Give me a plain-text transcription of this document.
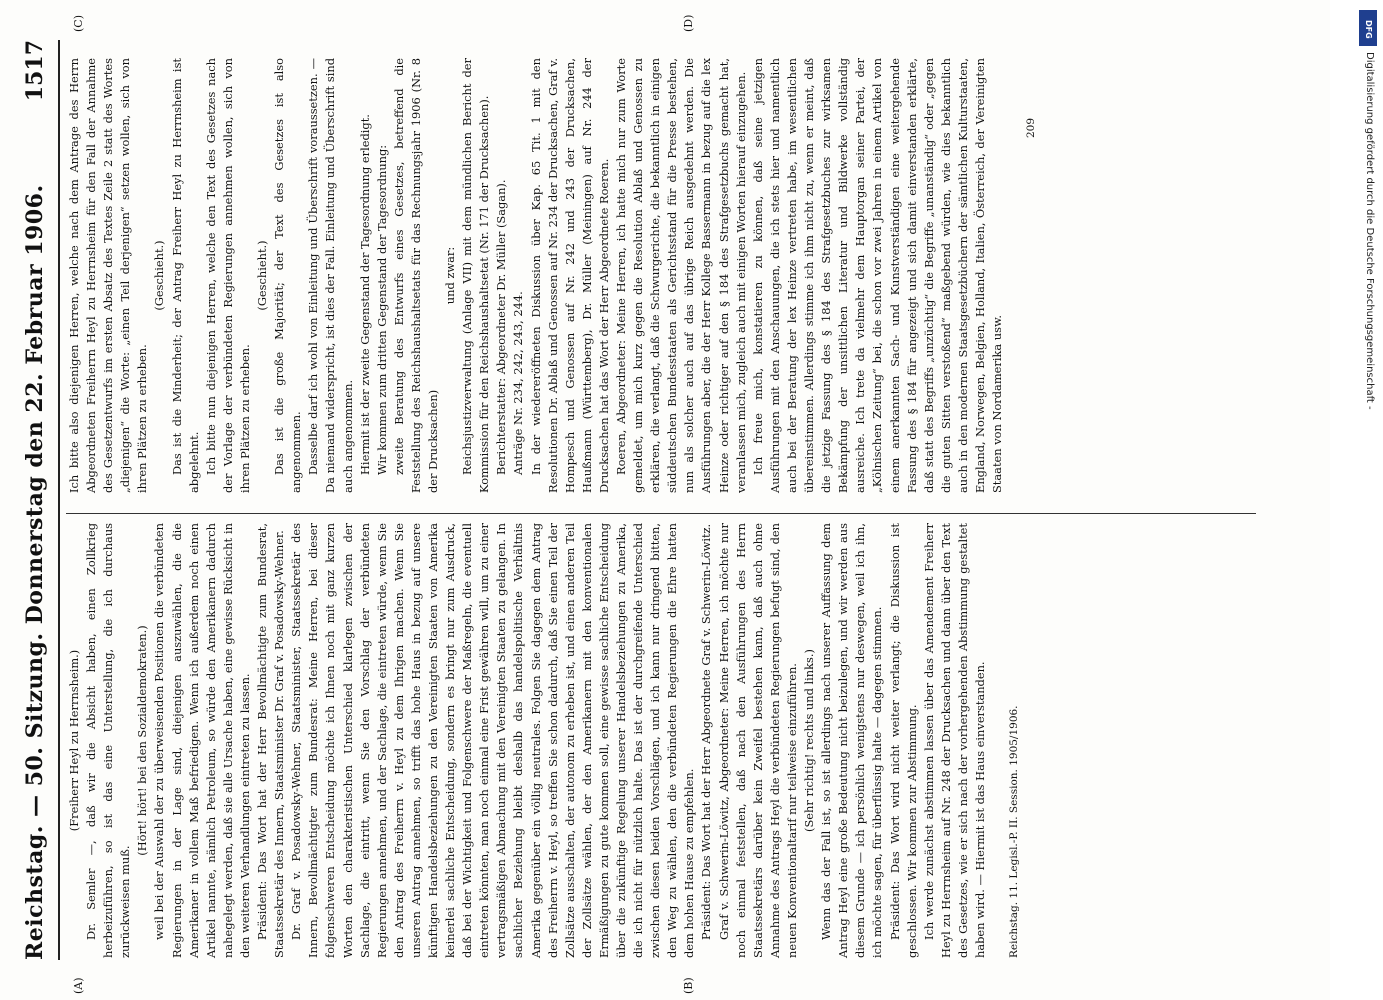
Reichstag. — 50. Sitzung. Donnerstag den 22. Februar 1906.
1517
(A)	(B)
(C)	(D)

(Freiherr Heyl zu Herrnsheim.) Dr. Semler —, daß wir die Absicht haben, einen Zollkrieg herbeizuführen, so ist das eine Unterstellung, die ich durchaus zurückweisen muß.

(Hört! hört! bei den Sozialdemokraten.) weil bei der Auswahl der zu überweisenden Positionen die verbündeten Regierungen in der Lage sind, diejenigen auszuwählen, die die Amerikaner in vollem Maß befriedigen. Wenn ich außerdem noch einen Artikel nannte, nämlich Petroleum, so würde den Amerikanern dadurch nahegelegt werden, daß sie alle Ursache haben, eine gewisse Rücksicht in den weiteren Verhandlungen eintreten zu lassen. Präsident: Das Wort hat der Herr Bevollmächtigte zum Bundesrat, Staatssekretär des Innern, Staatsminister Dr. Graf v. Posadowsky-Wehner. Dr. Graf v. Posadowsky-Wehner, Staatsminister, Staatssekretär des Innern, Bevollmächtigter zum Bundesrat: Meine Herren, bei dieser folgenschweren Entscheidung möchte ich Ihnen noch mit ganz kurzen Worten den charakteristischen Unterschied klarlegen zwischen der Sachlage, die eintritt, wenn Sie den Vorschlag der verbündeten Regierungen annehmen, und der Sachlage, die eintreten würde, wenn Sie den Antrag des Freiherrn v. Heyl zu dem Ihrigen machen. Wenn Sie unseren Antrag annehmen, so trifft das hohe Haus in bezug auf unsere künftigen Handelsbeziehungen zu den Vereinigten Staaten von Amerika keinerlei sachliche Entscheidung, sondern es bringt nur zum Ausdruck, daß bei der Wichtigkeit und Folgenschwere der Maßregeln, die eventuell eintreten könnten, man noch einmal eine Frist gewähren will, um zu einer vertragsmäßigen Abmachung mit den Vereinigten Staaten zu gelangen. In sachlicher Beziehung bleibt deshalb das handelspolitische Verhältnis Amerika gegenüber ein völlig neutrales. Folgen Sie dagegen dem Antrag des Freiherrn v. Heyl, so treffen Sie schon dadurch, daß Sie einen Teil der Zollsätze ausschalten, der autonom zu erheben ist, und einen anderen Teil der Zollsätze wählen, der den Amerikanern mit den konventionalen Ermäßigungen zu gute kommen soll, eine gewisse sachliche Entscheidung über die zukünftige Regelung unserer Handelsbeziehungen zu Amerika, die ich nicht für nützlich halte. Das ist der durchgreifende Unterschied zwischen diesen beiden Vorschlägen, und ich kann nur dringend bitten, den Weg zu wählen, den die verbündeten Regierungen die Ehre hatten dem hohen Hause zu empfehlen. Präsident: Das Wort hat der Herr Abgeordnete Graf v. Schwerin-Löwitz. Graf v. Schwerin-Löwitz, Abgeordneter: Meine Herren, ich möchte nur noch einmal feststellen, daß nach den Ausführungen des Herrn Staatssekretärs darüber kein Zweifel bestehen kann, daß auch ohne Annahme des Antrags Heyl die verbündeten Regierungen befugt sind, den neuen Konventionaltarif nur teilweise einzuführen. (Sehr richtig! rechts und links.) Wenn das der Fall ist, so ist allerdings nach unserer Auffassung dem Antrag Heyl eine große Bedeutung nicht beizulegen, und wir werden aus diesem Grunde — ich persönlich wenigstens nur deswegen, weil ich ihn, ich möchte sagen, für überflüssig halte — dagegen stimmen. Präsident: Das Wort wird nicht weiter verlangt; die Diskussion ist geschlossen. Wir kommen zur Abstimmung. Ich werde zunächst abstimmen lassen über das Amendement Freiherr Heyl zu Herrnsheim auf Nr. 248 der Drucksachen und dann über den Text des Gesetzes, wie er sich nach der vorhergehenden Abstimmung gestaltet haben wird. — Hiermit ist das Haus einverstanden. Reichstag. 11. Legisl.-P. II. Session. 1905/1906.

Ich bitte also diejenigen Herren, welche nach dem Antrage des Herrn Abgeordneten Freiherrn Heyl zu Herrnsheim für den Fall der Annahme des Gesetzentwurfs im ersten Absatz des Textes Zeile 2 statt des Wortes „diejenigen“ die Worte: „einen Teil derjenigen“ setzen wollen, sich von ihren Plätzen zu erheben.

(Geschieht.) Das ist die Minderheit; der Antrag Freiherr Heyl zu Herrnsheim ist abgelehnt. Ich bitte nun diejenigen Herren, welche den Text des Gesetzes nach der Vorlage der verbündeten Regierungen annehmen wollen, sich von ihren Plätzen zu erheben.

(Geschieht.) Das ist die große Majorität; der Text des Gesetzes ist also angenommen. Dasselbe darf ich wohl von Einleitung und Überschrift voraussetzen. — Da niemand widerspricht, ist dies der Fall. Einleitung und Überschrift sind auch angenommen. Hiermit ist der zweite Gegenstand der Tagesordnung erledigt. Wir kommen zum dritten Gegenstand der Tagesordnung: zweite Beratung des Entwurfs eines Gesetzes, betreffend die Feststellung des Reichshaushaltsetats für das Rechnungsjahr 1906 (Nr. 8 der Drucksachen)

und zwar: Reichsjustizverwaltung (Anlage VII) mit dem mündlichen Bericht der Kommission für den Reichshaushaltsetat (Nr. 171 der Drucksachen). Berichterstatter: Abgeordneter Dr. Müller (Sagan). Anträge Nr. 234, 242, 243, 244. In der wiedereröffneten Diskussion über Kap. 65 Tit. 1 mit den Resolutionen Dr. Ablaß und Genossen auf Nr. 234 der Drucksachen, Graf v. Hompesch und Genossen auf Nr. 242 und 243 der Drucksachen, Haußmann (Württemberg), Dr. Müller (Meiningen) auf Nr. 244 der Drucksachen hat das Wort der Herr Abgeordnete Roeren. Roeren, Abgeordneter: Meine Herren, ich hatte mich nur zum Worte gemeldet, um mich kurz gegen die Resolution Ablaß und Genossen zu erklären, die verlangt, daß die Schwurgerichte, die bekanntlich in einigen süddeutschen Bundesstaaten als Gerichtsstand für die Presse bestehen, nun als solcher auch auf das übrige Reich ausgedehnt werden. Die Ausführungen aber, die der Herr Kollege Bassermann in bezug auf die lex Heinze oder richtiger auf den § 184 des Strafgesetzbuchs gemacht hat, veranlassen mich, zugleich auch mit einigen Worten hierauf einzugehen. Ich freue mich, konstatieren zu können, daß seine jetzigen Ausführungen mit den Anschauungen, die ich stets hier und namentlich auch bei der Beratung der lex Heinze vertreten habe, im wesentlichen übereinstimmen. Allerdings stimme ich ihm nicht zu, wenn er meint, daß die jetzige Fassung des § 184 des Strafgesetzbuches zur wirksamen Bekämpfung der unsittlichen Literatur und Bildwerke vollständig ausreiche. Ich trete da vielmehr dem Hauptorgan seiner Partei, der „Kölnischen Zeitung“ bei, die schon vor zwei Jahren in einem Artikel von einem anerkannten Sach- und Kunstverständigen eine weitergehende Fassung des § 184 für angezeigt und sich damit einverstanden erklärte, daß statt des Begriffs „unzüchtig“ die Begriffe „unanständig“ oder „gegen die guten Sitten verstoßend“ maßgebend würden, wie dies bekanntlich auch in den modernen Staatsgesetzbüchern der sämtlichen Kulturstaaten, England, Norwegen, Belgien, Holland, Italien, Österreich, der Vereinigten Staaten von Nordamerika usw.

209

DFG
Digitalisierung gefördert durch die Deutsche Forschungsgemeinschaft -
